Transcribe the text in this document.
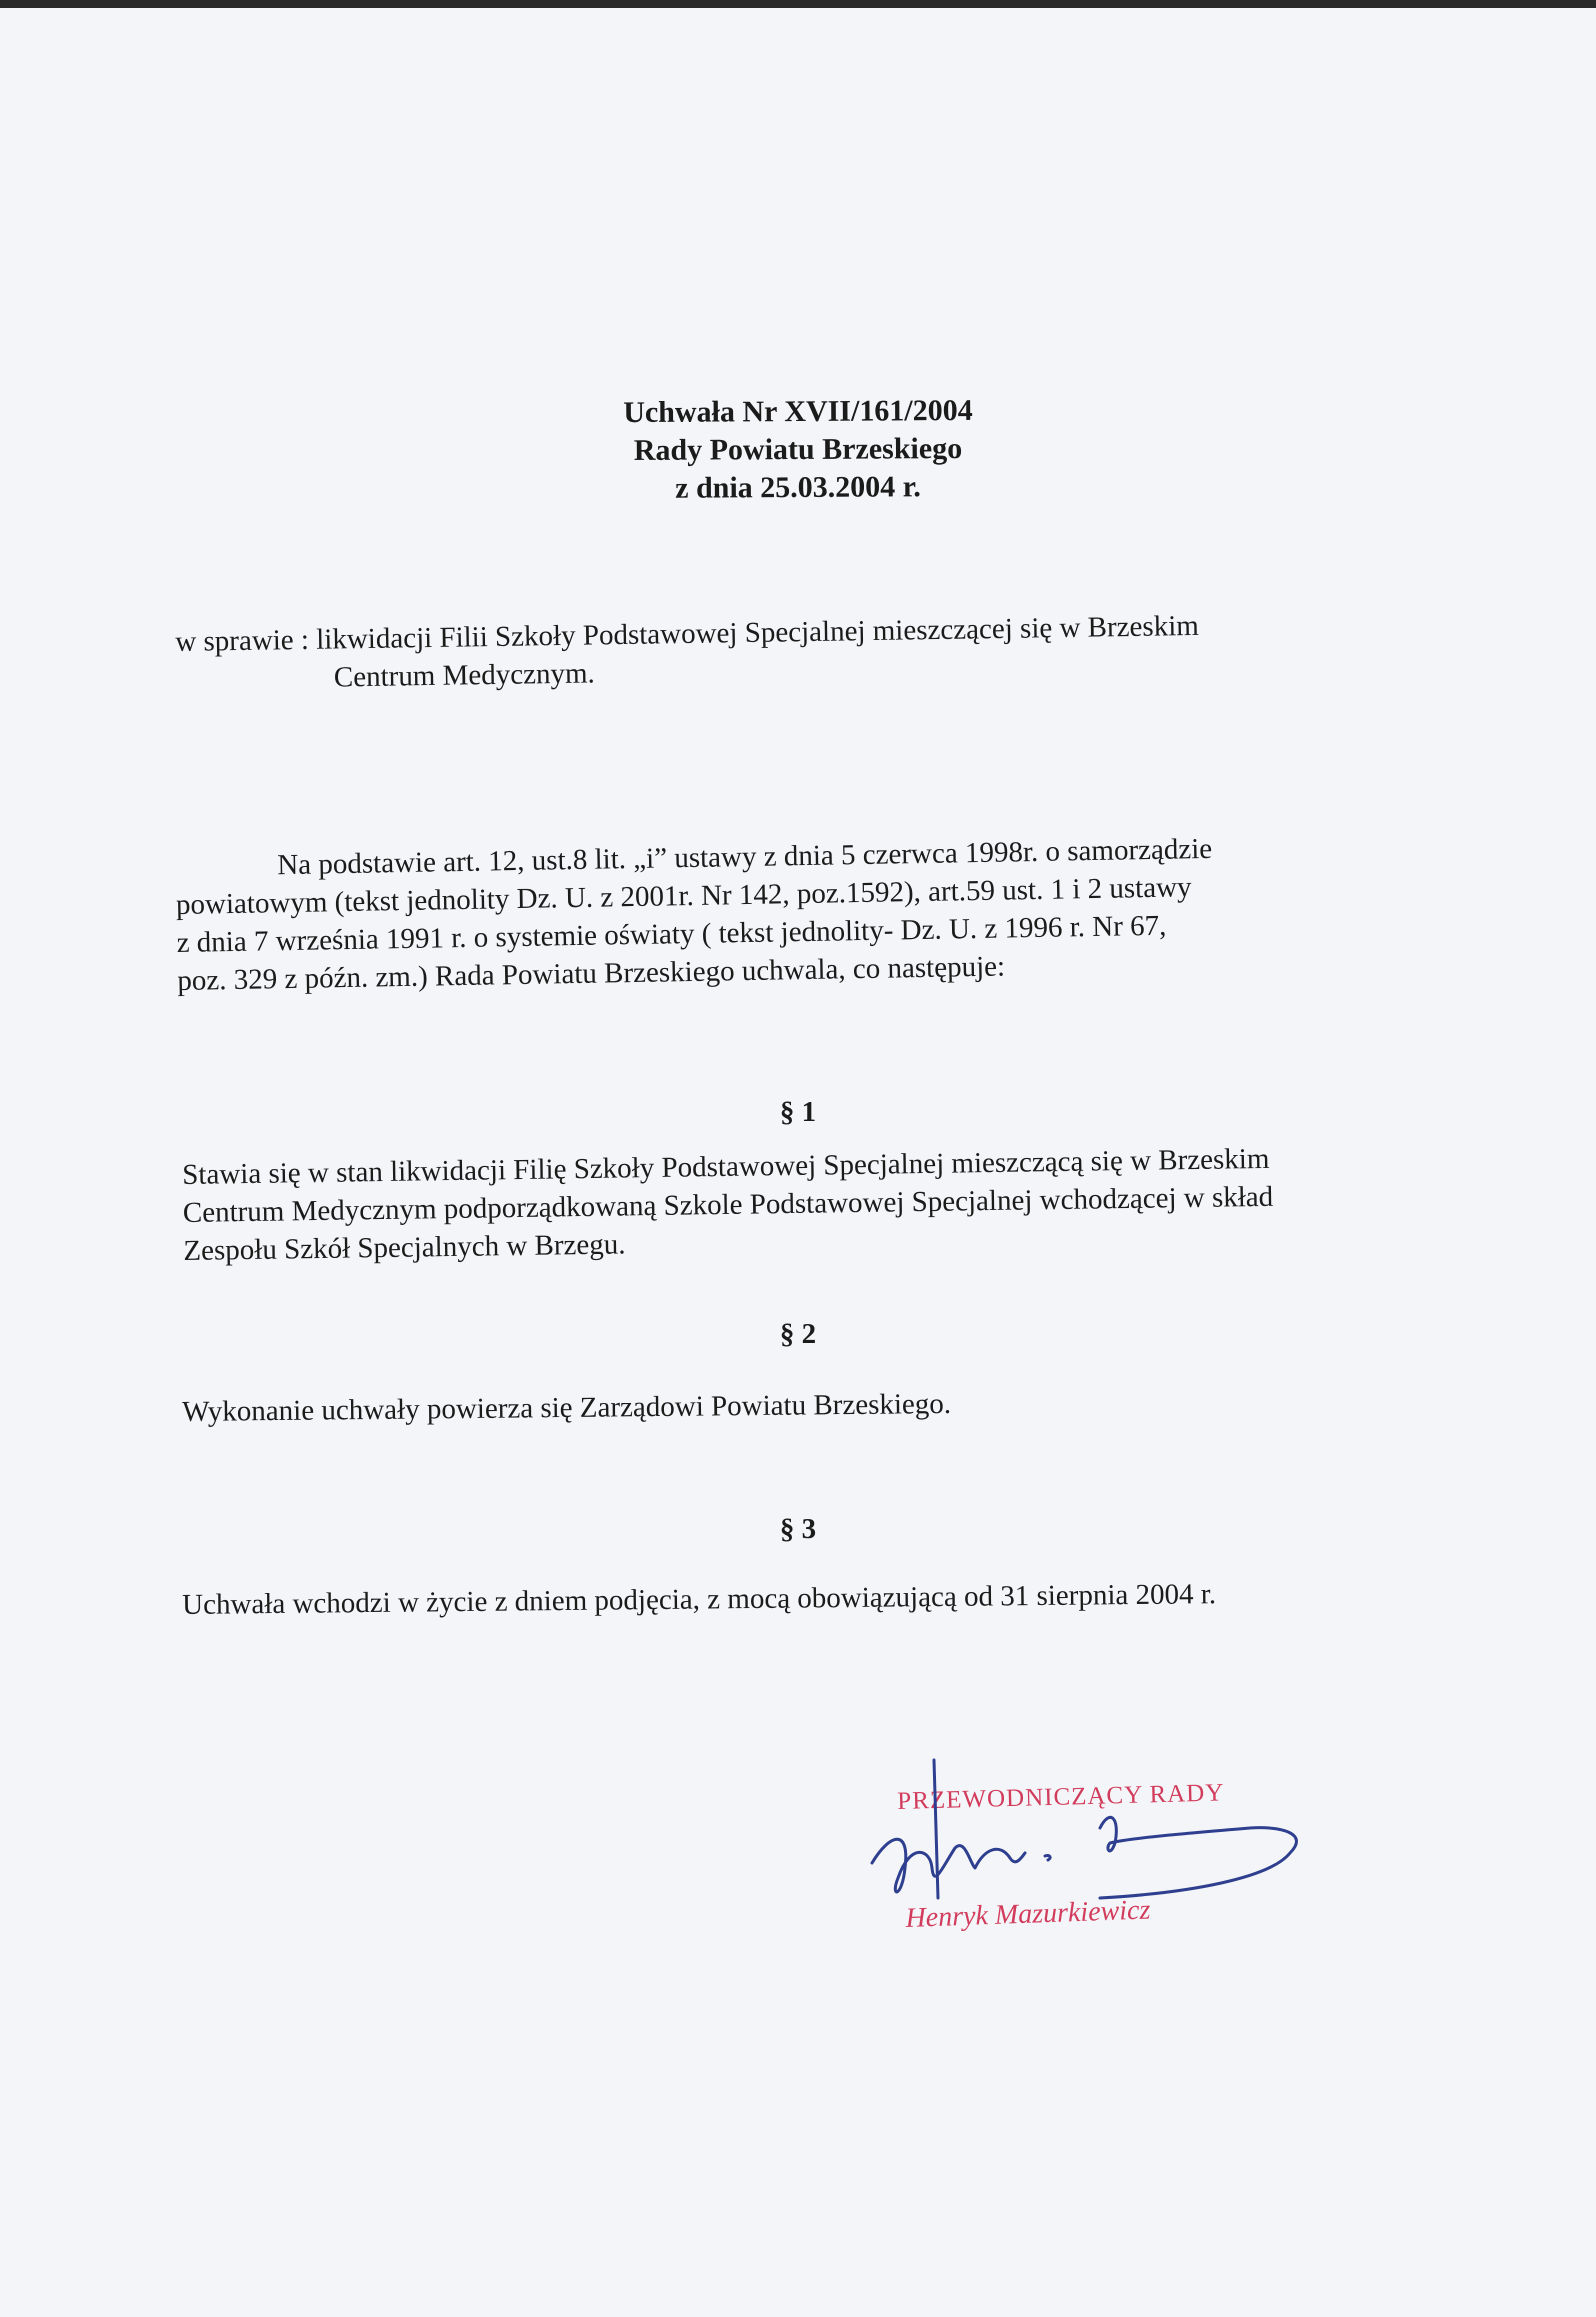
Uchwała Nr XVII/161/2004
Rady Powiatu Brzeskiego
z dnia 25.03.2004 r.
w sprawie : likwidacji Filii Szkoły Podstawowej Specjalnej mieszczącej się w Brzeskim
Centrum Medycznym.
Na podstawie art. 12, ust.8 lit. „i” ustawy z dnia 5 czerwca 1998r. o samorządzie
powiatowym (tekst jednolity Dz. U. z 2001r. Nr 142, poz.1592), art.59 ust. 1 i 2 ustawy
z dnia 7 września 1991 r. o systemie oświaty ( tekst jednolity- Dz. U. z 1996 r. Nr 67,
poz. 329 z późn. zm.) Rada Powiatu Brzeskiego uchwala, co następuje:
§ 1
Stawia się w stan likwidacji Filię Szkoły Podstawowej Specjalnej mieszczącą się w Brzeskim
Centrum Medycznym podporządkowaną Szkole Podstawowej Specjalnej wchodzącej w skład
Zespołu Szkół Specjalnych w Brzegu.
§ 2
Wykonanie uchwały powierza się Zarządowi Powiatu Brzeskiego.
§ 3
Uchwała wchodzi w życie z dniem podjęcia, z mocą obowiązującą od 31 sierpnia 2004 r.
PRZEWODNICZĄCY RADY
Henryk Mazurkiewicz
